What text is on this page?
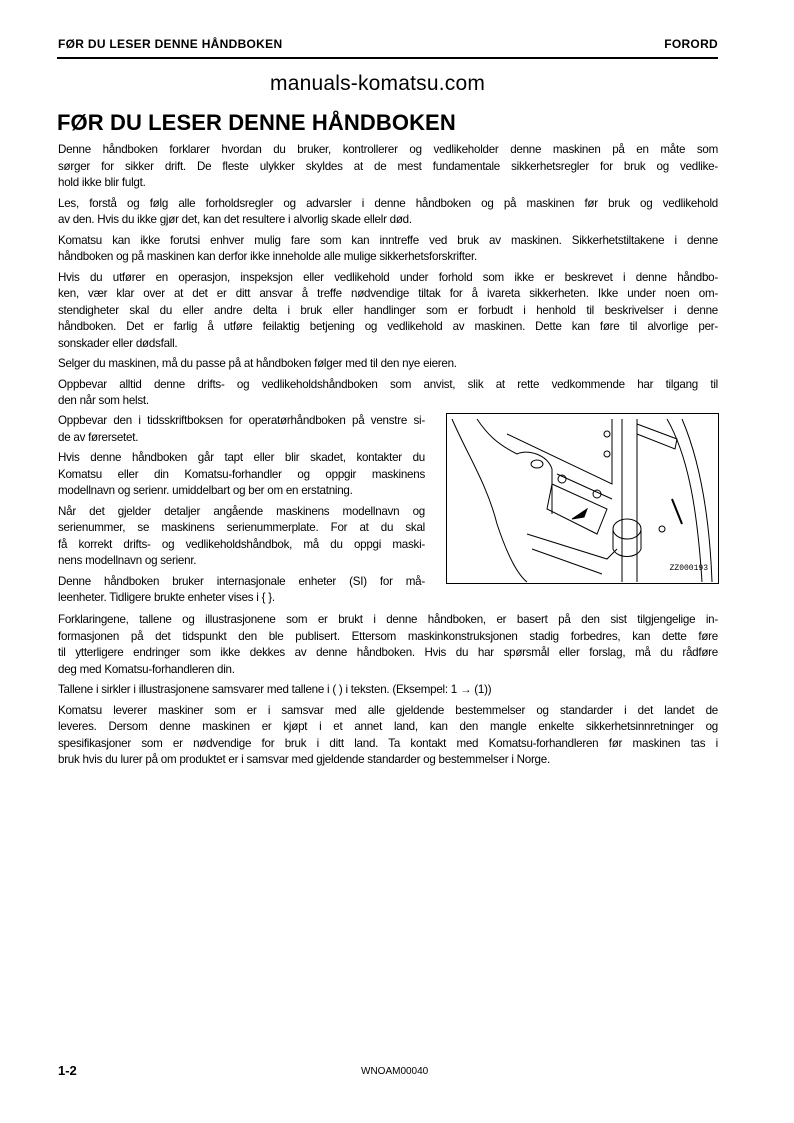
FØR DU LESER DENNE HÅNDBOKEN	FORORD
manuals-komatsu.com
FØR DU LESER DENNE HÅNDBOKEN
Denne håndboken forklarer hvordan du bruker, kontrollerer og vedlikeholder denne maskinen på en måte som
sørger for sikker drift. De fleste ulykker skyldes at de mest fundamentale sikkerhetsregler for bruk og vedlike-
hold ikke blir fulgt.
Les, forstå og følg alle forholdsregler og advarsler i denne håndboken og på maskinen før bruk og vedlikehold
av den. Hvis du ikke gjør det, kan det resultere i alvorlig skade ellelr død.
Komatsu kan ikke forutsi enhver mulig fare som kan inntreffe ved bruk av maskinen. Sikkerhetstiltakene i denne
håndboken og på maskinen kan derfor ikke inneholde alle mulige sikkerhetsforskrifter.
Hvis du utfører en operasjon, inspeksjon eller vedlikehold under forhold som ikke er beskrevet i denne håndbo-
ken, vær klar over at det er ditt ansvar å treffe nødvendige tiltak for å ivareta sikkerheten. Ikke under noen om-
stendigheter skal du eller andre delta i bruk eller handlinger som er forbudt i henhold til beskrivelser i denne
håndboken. Det er farlig å utføre feilaktig betjening og vedlikehold av maskinen. Dette kan føre til alvorlige per-
sonskader eller dødsfall.
Selger du maskinen, må du passe på at håndboken følger med til den nye eieren.
Oppbevar alltid denne drifts- og vedlikeholdshåndboken som anvist, slik at rette vedkommende har tilgang til
den når som helst.
Oppbevar den i tidsskriftboksen for operatørhåndboken på venstre si-
de av førersetet.
Hvis denne håndboken går tapt eller blir skadet, kontakter du
Komatsu eller din Komatsu-forhandler og oppgir maskinens
modellnavn og serienr. umiddelbart og ber om en erstatning.
Når det gjelder detaljer angående maskinens modellnavn og
serienummer, se maskinens serienummerplate. For at du skal
få korrekt drifts- og vedlikeholdshåndbok, må du oppgi maski-
nens modellnavn og serienr.
Denne håndboken bruker internasjonale enheter (SI) for må-
leenheter. Tidligere brukte enheter vises i { }.
Forklaringene, tallene og illustrasjonene som er brukt i denne håndboken, er basert på den sist tilgjengelige in-
formasjonen på det tidspunkt den ble publisert. Ettersom maskinkonstruksjonen stadig forbedres, kan dette føre
til ytterligere endringer som ikke dekkes av denne håndboken. Hvis du har spørsmål eller forslag, må du rådføre
deg med Komatsu-forhandleren din.
Tallene i sirkler i illustrasjonene samsvarer med tallene i ( ) i teksten. (Eksempel: 1 → (1))
Komatsu leverer maskiner som er i samsvar med alle gjeldende bestemmelser og standarder i det landet de
leveres. Dersom denne maskinen er kjøpt i et annet land, kan den mangle enkelte sikkerhetsinnretninger og
spesifikasjoner som er nødvendige for bruk i ditt land. Ta kontakt med Komatsu-forhandleren før maskinen tas i
bruk hvis du lurer på om produktet er i samsvar med gjeldende standarder og bestemmelser i Norge.
ZZ000193
1-2	WNOAM00040
